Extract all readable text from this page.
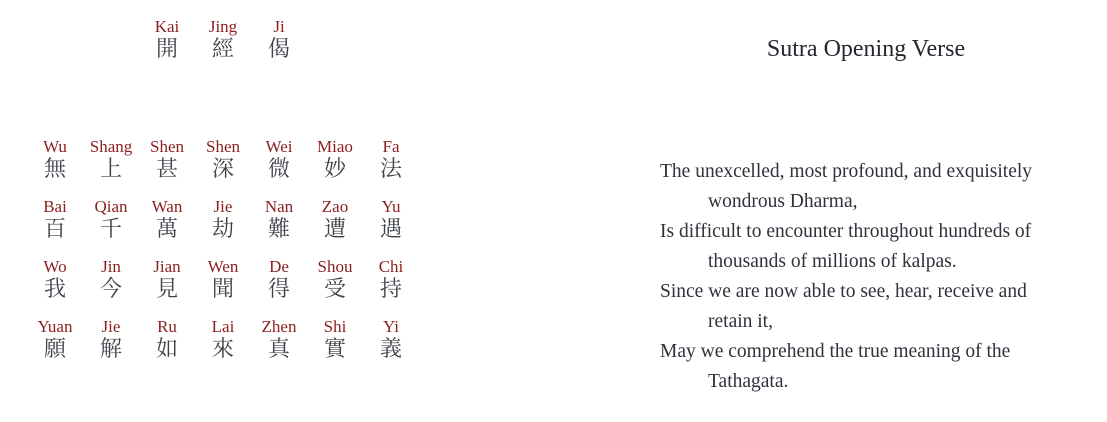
Kai
開
Jing
經
Ji
偈
Wu
無
Shang
上
Shen
甚
Shen
深
Wei
微
Miao
妙
Fa
法
Bai
百
Qian
千
Wan
萬
Jie
劫
Nan
難
Zao
遭
Yu
遇
Wo
我
Jin
今
Jian
見
Wen
聞
De
得
Shou
受
Chi
持
Yuan
願
Jie
解
Ru
如
Lai
來
Zhen
真
Shi
實
Yi
義
Sutra Opening Verse
The unexcelled, most profound, and exquisitely
wondrous Dharma,
Is difficult to encounter throughout hundreds of
thousands of millions of kalpas.
Since we are now able to see, hear, receive and
retain it,
May we comprehend the true meaning of the
Tathagata.
